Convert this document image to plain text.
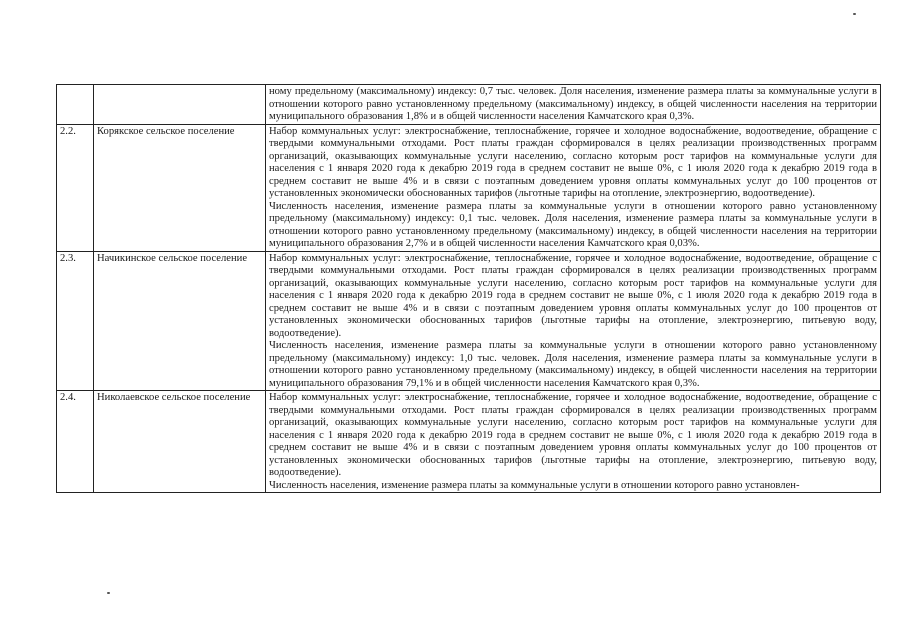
		ному предельному (максимальному) индексу: 0,7 тыс. человек. Доля населения, изменение размера платы за коммунальные услуги в отношении которого равно установленному предельному (максимальному) индексу, в общей численности населения на территории муниципального образования 1,8% и в общей численности населения Камчатского края 0,3%.

2.2.	Корякское сельское поселение	Набор коммунальных услуг: электроснабжение, теплоснабжение, горячее и холодное водоснабжение, водоотведение, обращение с твердыми коммунальными отходами. Рост платы граждан сформировался в целях реализации производственных программ организаций, оказывающих коммунальные услуги населению, согласно которым рост тарифов на коммунальные услуги для населения с 1 января 2020 года к декабрю 2019 года в среднем составит не выше 0%, с 1 июля 2020 года к декабрю 2019 года в среднем составит не выше 4% и в связи с поэтапным доведением уровня оплаты коммунальных услуг до 100 процентов от установленных экономически обоснованных тарифов (льготные тарифы на отопление, электроэнергию, водоотведение).

Численность населения, изменение размера платы за коммунальные услуги в отношении которого равно установленному предельному (максимальному) индексу: 0,1 тыс. человек. Доля населения, изменение размера платы за коммунальные услуги в отношении которого равно установленному предельному (максимальному) индексу, в общей численности населения на территории муниципального образования 2,7% и в общей численности населения Камчатского края 0,03%.

2.3.	Начикинское сельское поселение	Набор коммунальных услуг: электроснабжение, теплоснабжение, горячее и холодное водоснабжение, водоотведение, обращение с твердыми коммунальными отходами. Рост платы граждан сформировался в целях реализации производственных программ организаций, оказывающих коммунальные услуги населению, согласно которым рост тарифов на коммунальные услуги для населения с 1 января 2020 года к декабрю 2019 года в среднем составит не выше 0%, с 1 июля 2020 года к декабрю 2019 года в среднем составит не выше 4% и в связи с поэтапным доведением уровня оплаты коммунальных услуг до 100 процентов от установленных экономически обоснованных тарифов (льготные тарифы на отопление, электроэнергию, питьевую воду, водоотведение).

Численность населения, изменение размера платы за коммунальные услуги в отношении которого равно установленному предельному (максимальному) индексу: 1,0 тыс. человек. Доля населения, изменение размера платы за коммунальные услуги в отношении которого равно установленному предельному (максимальному) индексу, в общей численности населения на территории муниципального образования 79,1% и в общей численности населения Камчатского края 0,3%.

2.4.	Николаевское сельское поселение	Набор коммунальных услуг: электроснабжение, теплоснабжение, горячее и холодное водоснабжение, водоотведение, обращение с твердыми коммунальными отходами. Рост платы граждан сформировался в целях реализации производственных программ организаций, оказывающих коммунальные услуги населению, согласно которым рост тарифов на коммунальные услуги для населения с 1 января 2020 года к декабрю 2019 года в среднем составит не выше 0%, с 1 июля 2020 года к декабрю 2019 года в среднем составит не выше 4% и в связи с поэтапным доведением уровня оплаты коммунальных услуг до 100 процентов от установленных экономически обоснованных тарифов (льготные тарифы на отопление, электроэнергию, питьевую воду, водоотведение).

Численность населения, изменение размера платы за коммунальные услуги в отношении которого равно установлен-
